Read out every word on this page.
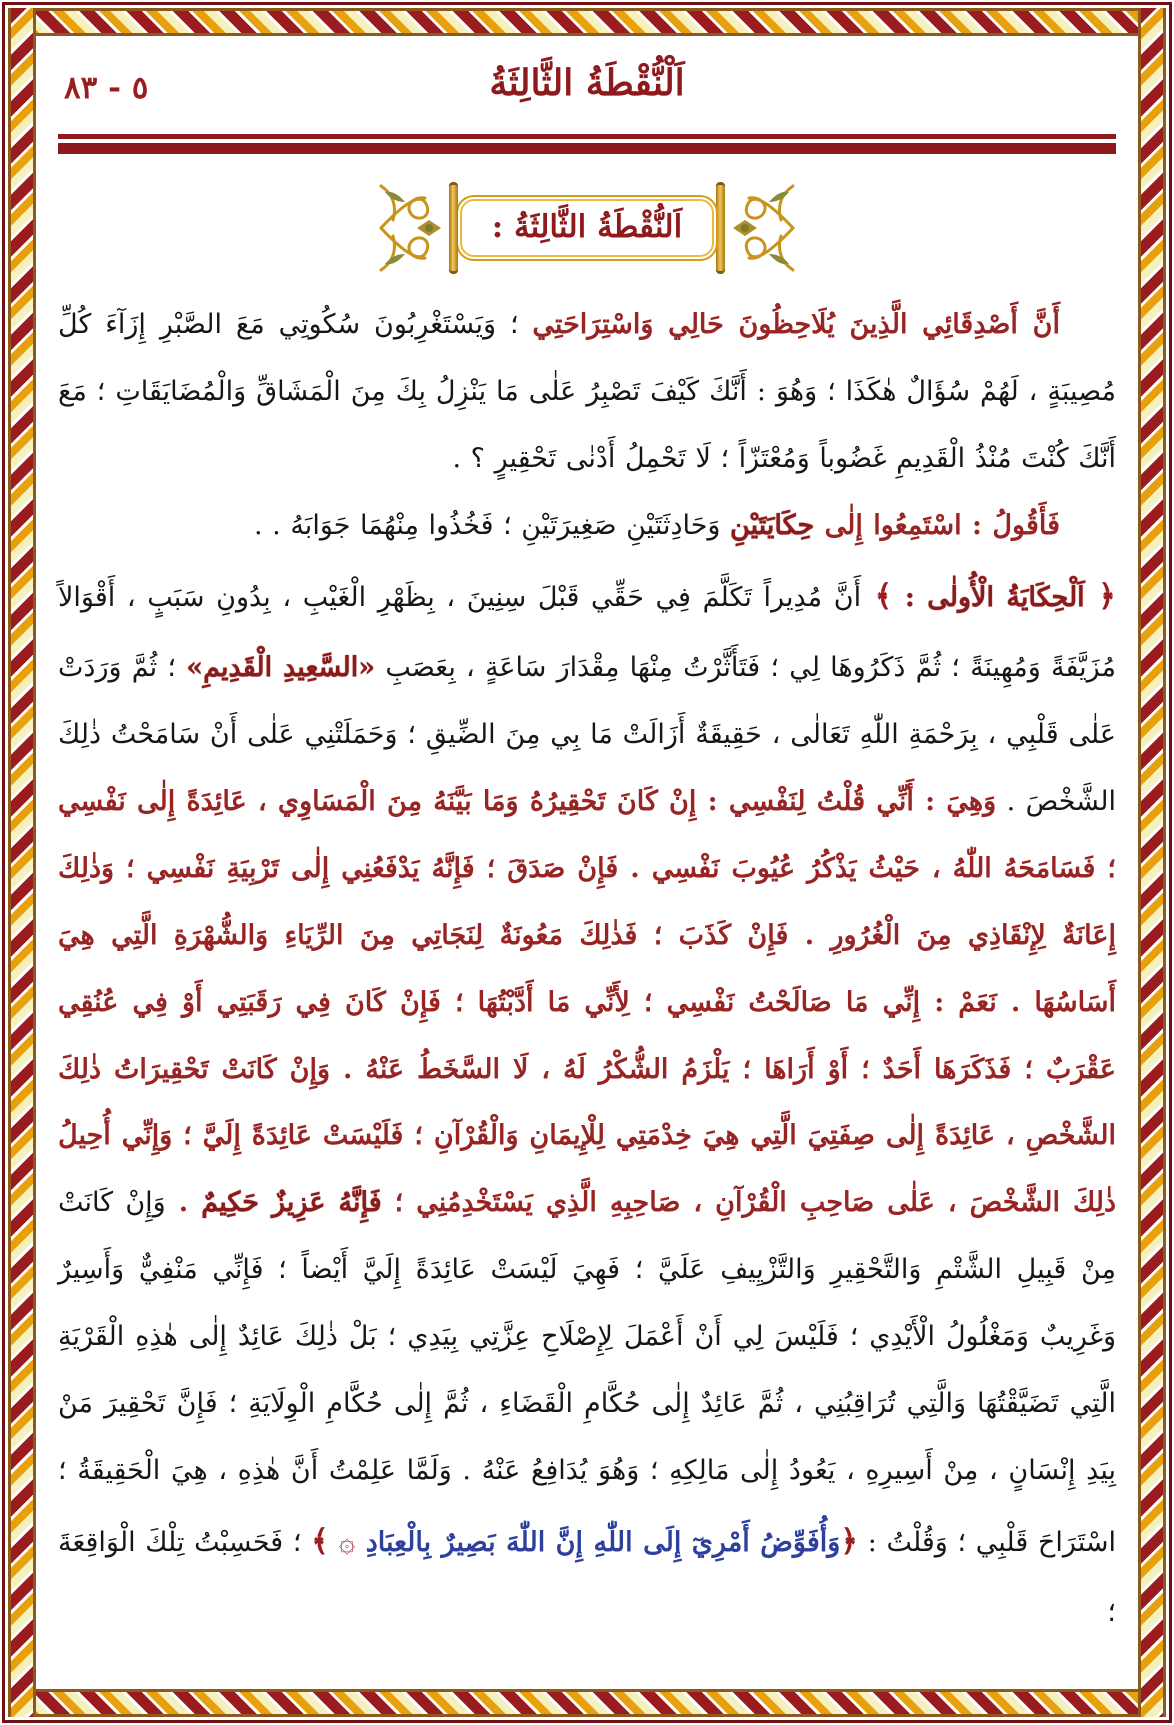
٥ - ٨٣	اَلْنُّقْطَةُ الثَّالِثَةُ
اَلنُّقْطَةُ الثَّالِثَةُ :

أَنَّ أَصْدِقَائِي الَّذِينَ يُلَاحِظُونَ حَالِي وَاسْتِرَاحَتِي ؛ وَيَسْتَغْرِبُونَ سُكُوتِي مَعَ الصَّبْرِ إِزَآءَ كُلِّ مُصِيبَةٍ ، لَهُمْ سُؤَالٌ هٰكَذَا ؛ وَهُوَ : أَنَّكَ كَيْفَ تَصْبِرُ عَلٰى مَا يَنْزِلُ بِكَ مِنَ الْمَشَاقِّ وَالْمُضَايَقَاتِ ؛ مَعَ أَنَّكَ كُنْتَ مُنْذُ الْقَدِيمِ غَضُوباً وَمُعْتَزّاً ؛ لَا تَحْمِلُ أَدْنٰى تَحْقِيرٍ ؟ .

فَأَقُولُ : اسْتَمِعُوا إِلٰى حِكَايَتَيْنِ وَحَادِثَتَيْنِ صَغِيرَتَيْنِ ؛ فَخُذُوا مِنْهُمَا جَوَابَهُ . .

﴿ اَلْحِكَايَةُ الْأُولٰى : ﴾ أَنَّ مُدِيراً تَكَلَّمَ فِي حَقِّي قَبْلَ سِنِينَ ، بِظَهْرِ الْغَيْبِ ، بِدُونِ سَبَبٍ ، أَقْوَالاً مُزَيَّفَةً وَمُهِينَةً ؛ ثُمَّ ذَكَرُوهَا لِي ؛ فَتَأَثَّرْتُ مِنْهَا مِقْدَارَ سَاعَةٍ ، بِعَصَبِ «السَّعِيدِ الْقَدِيمِ» ؛ ثُمَّ وَرَدَتْ عَلٰى قَلْبِي ، بِرَحْمَةِ اللّٰهِ تَعَالٰى ، حَقِيقَةٌ أَزَالَتْ مَا بِي مِنَ الضِّيقِ ؛ وَحَمَلَتْنِي عَلٰى أَنْ سَامَحْتُ ذٰلِكَ الشَّخْصَ . وَهِيَ : أَنِّي قُلْتُ لِنَفْسِي : إِنْ كَانَ تَحْقِيرُهُ وَمَا بَيَّنَهُ مِنَ الْمَسَاوِي ، عَائِدَةً إِلٰى نَفْسِي ؛ فَسَامَحَهُ اللّٰهُ ، حَيْثُ يَذْكُرُ عُيُوبَ نَفْسِي . فَإِنْ صَدَقَ ؛ فَإِنَّهُ يَدْفَعُنِي إِلٰى تَرْبِيَةِ نَفْسِي ؛ وَذٰلِكَ إِعَانَةٌ لِإِنْقَاذِي مِنَ الْغُرُورِ . فَإِنْ كَذَبَ ؛ فَذٰلِكَ مَعُونَةٌ لِنَجَاتِي مِنَ الرِّيَاءِ وَالشُّهْرَةِ الَّتِي هِيَ أَسَاسُهَا . نَعَمْ : إِنِّي مَا صَالَحْتُ نَفْسِي ؛ لِأَنِّي مَا أَدَّبْتُهَا ؛ فَإِنْ كَانَ فِي رَقَبَتِي أَوْ فِي عُنُقِي عَقْرَبٌ ؛ فَذَكَرَهَا أَحَدٌ ؛ أَوْ أَرَاهَا ؛ يَلْزَمُ الشُّكْرُ لَهُ ، لَا السَّخَطُ عَنْهُ . وَإِنْ كَانَتْ تَحْقِيرَاتُ ذٰلِكَ الشَّخْصِ ، عَائِدَةً إِلٰى صِفَتِيَ الَّتِي هِيَ خِدْمَتِي لِلْإِيمَانِ وَالْقُرْآنِ ؛ فَلَيْسَتْ عَائِدَةً إِلَيَّ ؛ وَإِنِّي أُحِيلُ ذٰلِكَ الشَّخْصَ ، عَلٰى صَاحِبِ الْقُرْآنِ ، صَاحِبِهِ الَّذِي يَسْتَخْدِمُنِي ؛ فَإِنَّهُ عَزِيزٌ حَكِيمٌ . وَإِنْ كَانَتْ مِنْ قَبِيلِ الشَّتْمِ وَالتَّحْقِيرِ وَالتَّزْيِيفِ عَلَيَّ ؛ فَهِيَ لَيْسَتْ عَائِدَةً إِلَيَّ أَيْضاً ؛ فَإِنِّي مَنْفِيٌّ وَأَسِيرٌ وَغَرِيبٌ وَمَغْلُولُ الْأَيْدِي ؛ فَلَيْسَ لِي أَنْ أَعْمَلَ لِإِصْلَاحِ عِزَّتِي بِيَدِي ؛ بَلْ ذٰلِكَ عَائِدٌ إِلٰى هٰذِهِ الْقَرْيَةِ الَّتِي تَضَيَّقْتُهَا وَالَّتِي تُرَاقِبُنِي ، ثُمَّ عَائِدٌ إِلٰى حُكَّامِ الْقَضَاءِ ، ثُمَّ إِلٰى حُكَّامِ الْوِلَايَةِ ؛ فَإِنَّ تَحْقِيرَ مَنْ بِيَدِ إِنْسَانٍ ، مِنْ أَسِيرِهِ ، يَعُودُ إِلٰى مَالِكِهِ ؛ وَهُوَ يُدَافِعُ عَنْهُ . وَلَمَّا عَلِمْتُ أَنَّ هٰذِهِ ، هِيَ الْحَقِيقَةُ ؛ اسْتَرَاحَ قَلْبِي ؛ وَقُلْتُ : ﴿وَأُفَوِّضُ أَمْرِيٓ إِلَى اللّٰهِ إِنَّ اللّٰهَ بَصِيرٌ بِالْعِبَادِ ۞ ﴾ ؛ فَحَسِبْتُ تِلْكَ الْوَاقِعَةَ ؛
